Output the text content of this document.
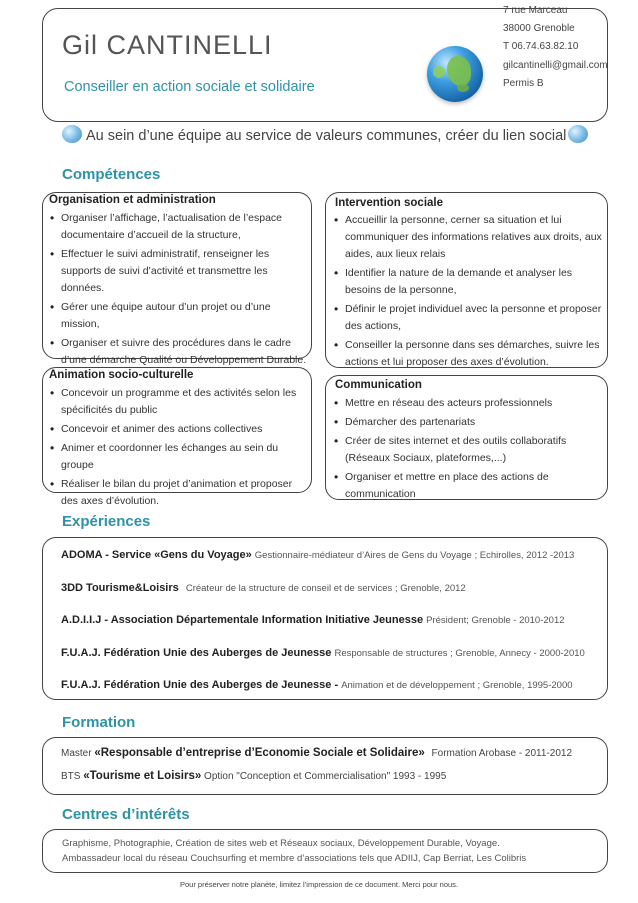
Gil CANTINELLI
Conseiller en action sociale et solidaire
7 rue Marceau
38000 Grenoble
T 06.74.63.82.10
gilcantinelli@gmail.com
Permis B
Au sein d’une équipe au service de valeurs communes, créer du lien social
Compétences
Organisation et administration
• Organiser l’affichage, l’actualisation de l’espace documentaire d’accueil de la structure,
• Effectuer le suivi administratif, renseigner les supports de suivi d’activité et transmettre les données.
• Gérer une équipe autour d’un projet ou d’une mission,
• Organiser et suivre des procédures dans le cadre d’une démarche Qualité ou Développement Durable.
Intervention sociale
• Accueillir la personne, cerner sa situation et lui communiquer des informations relatives aux droits, aux aides, aux lieux relais
• Identifier la nature de la demande et analyser les besoins de la personne,
• Définir le projet individuel avec la personne et proposer des actions,
• Conseiller la personne dans ses démarches, suivre les actions et lui proposer des axes d’évolution.
Animation socio-culturelle
• Concevoir un programme et des activités selon les spécificités du public
• Concevoir et animer des actions collectives
• Animer et coordonner les échanges au sein du groupe
• Réaliser le bilan du projet d’animation et proposer des axes d’évolution.
Communication
• Mettre en réseau des acteurs professionnels
• Démarcher des partenariats
• Créer de sites internet et des outils collaboratifs (Réseaux Sociaux, plateformes,...)
• Organiser et mettre en place des actions de communication
Expériences
ADOMA - Service «Gens du Voyage» Gestionnaire-médiateur d’Aires de Gens du Voyage ; Echirolles, 2012 -2013
3DD Tourisme&Loisirs Créateur de la structure de conseil et de services ; Grenoble, 2012
A.D.I.I.J - Association Départementale Information Initiative Jeunesse Président; Grenoble - 2010-2012
F.U.A.J. Fédération Unie des Auberges de Jeunesse Responsable de structures ; Grenoble, Annecy - 2000-2010
F.U.A.J. Fédération Unie des Auberges de Jeunesse - Animation et de développement ; Grenoble, 1995-2000
Formation
Master «Responsable d’entreprise d’Economie Sociale et Solidaire» Formation Arobase - 2011-2012
BTS «Tourisme et Loisirs» Option "Conception et Commercialisation" 1993 - 1995
Centres d’intérêts
Graphisme, Photographie, Création de sites web et Réseaux sociaux, Développement Durable, Voyage.
Ambassadeur local du réseau Couchsurfing et membre d’associations tels que ADIIJ, Cap Berriat, Les Colibris
Pour préserver notre planète, limitez l’impression de ce document. Merci pour nous.
